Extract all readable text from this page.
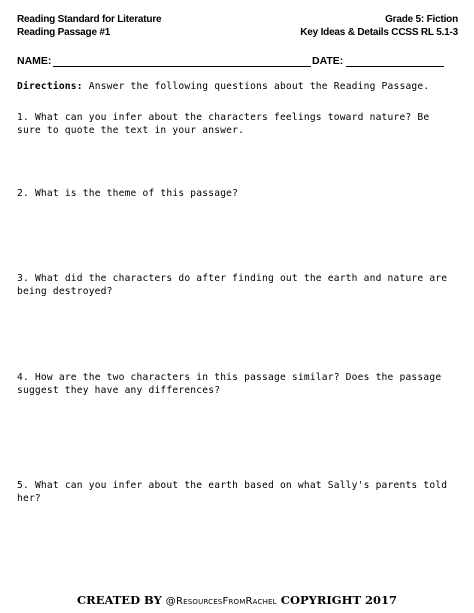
Reading Standard for Literature
Reading Passage #1
Grade 5: Fiction
Key Ideas & Details CCSS RL 5.1-3
NAME:	DATE:
Directions: Answer the following questions about the Reading Passage.
1. What can you infer about the characters feelings toward nature? Be sure to quote the text in your answer.
2. What is the theme of this passage?
3. What did the characters do after finding out the earth and nature are being destroyed?
4. How are the two characters in this passage similar? Does the passage suggest they have any differences?
5. What can you infer about the earth based on what Sally's parents told her?
CREATED BY @ResourcesFromRachel COPYRIGHT 2017
